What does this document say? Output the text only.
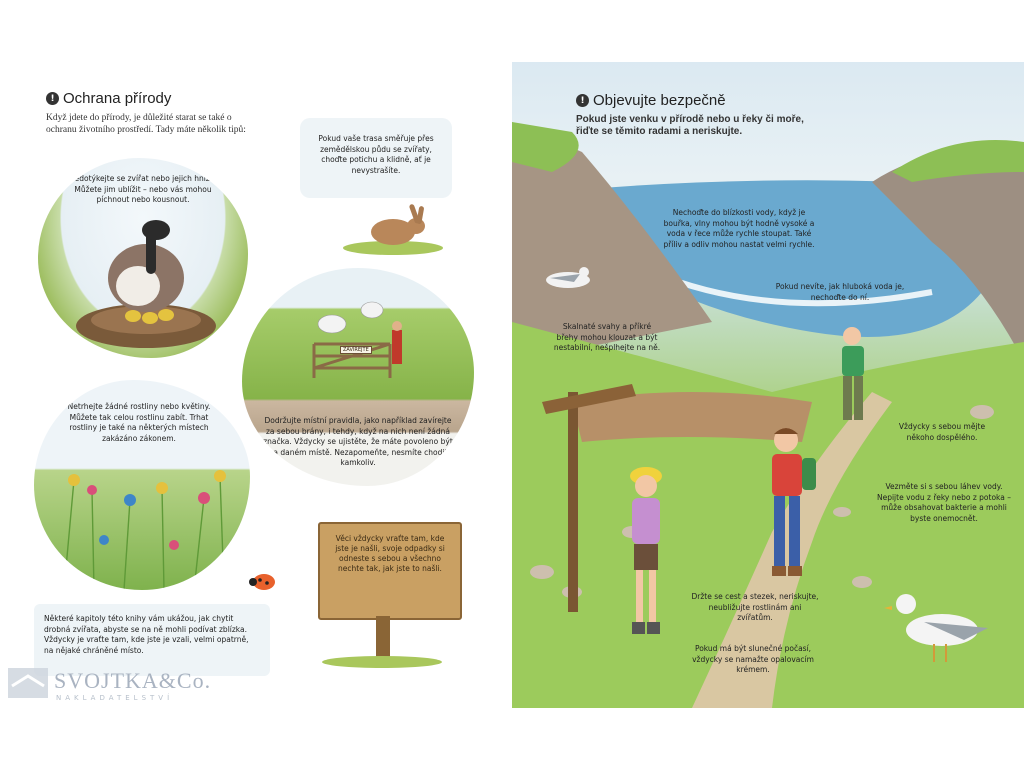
! Ochrana přírody
Když jdete do přírody, je důležité starat se také o ochranu životního prostředí. Tady máte několik tipů:
Nedotýkejte se zvířat nebo jejich hnízd. Můžete jim ublížit – nebo vás mohou píchnout nebo kousnout.
Pokud vaše trasa směřuje přes zemědělskou půdu se zvířaty, choďte potichu a klidně, ať je nevystrašíte.
ZAVÍREJTE
Dodržujte místní pravidla, jako například zavírejte za sebou brány, i tehdy, když na nich není žádná značka. Vždycky se ujistěte, že máte povoleno být na daném místě. Nezapomeňte, nesmíte chodit kamkoliv.
Netrhejte žádné rostliny nebo květiny. Můžete tak celou rostlinu zabít. Trhat rostliny je také na některých místech zakázáno zákonem.
Věci vždycky vraťte tam, kde jste je našli, svoje odpadky si odneste s sebou a všechno nechte tak, jak jste to našli.
Některé kapitoly této knihy vám ukážou, jak chytit drobná zvířata, abyste se na ně mohli podívat zblízka. Vždycky je vraťte tam, kde jste je vzali, velmi opatrně, na nějaké chráněné místo.
SVOJTKA&Co.
NAKLADATELSTVÍ
! Objevujte bezpečně
Pokud jste venku v přírodě nebo u řeky či moře, řiďte se těmito radami a neriskujte.
Nechoďte do blízkosti vody, když je bouřka, vlny mohou být hodně vysoké a voda v řece může rychle stoupat. Také příliv a odliv mohou nastat velmi rychle.
Pokud nevíte, jak hluboká voda je, nechoďte do ní.
Skalnaté svahy a příkré břehy mohou klouzat a být nestabilní, nešplhejte na ně.
Vždycky s sebou mějte někoho dospělého.
Vezměte si s sebou láhev vody. Nepijte vodu z řeky nebo z potoka – může obsahovat bakterie a mohli byste onemocnět.
Držte se cest a stezek, neriskujte, neubližujte rostlinám ani zvířatům.
Pokud má být slunečné počasí, vždycky se namažte opalovacím krémem.
